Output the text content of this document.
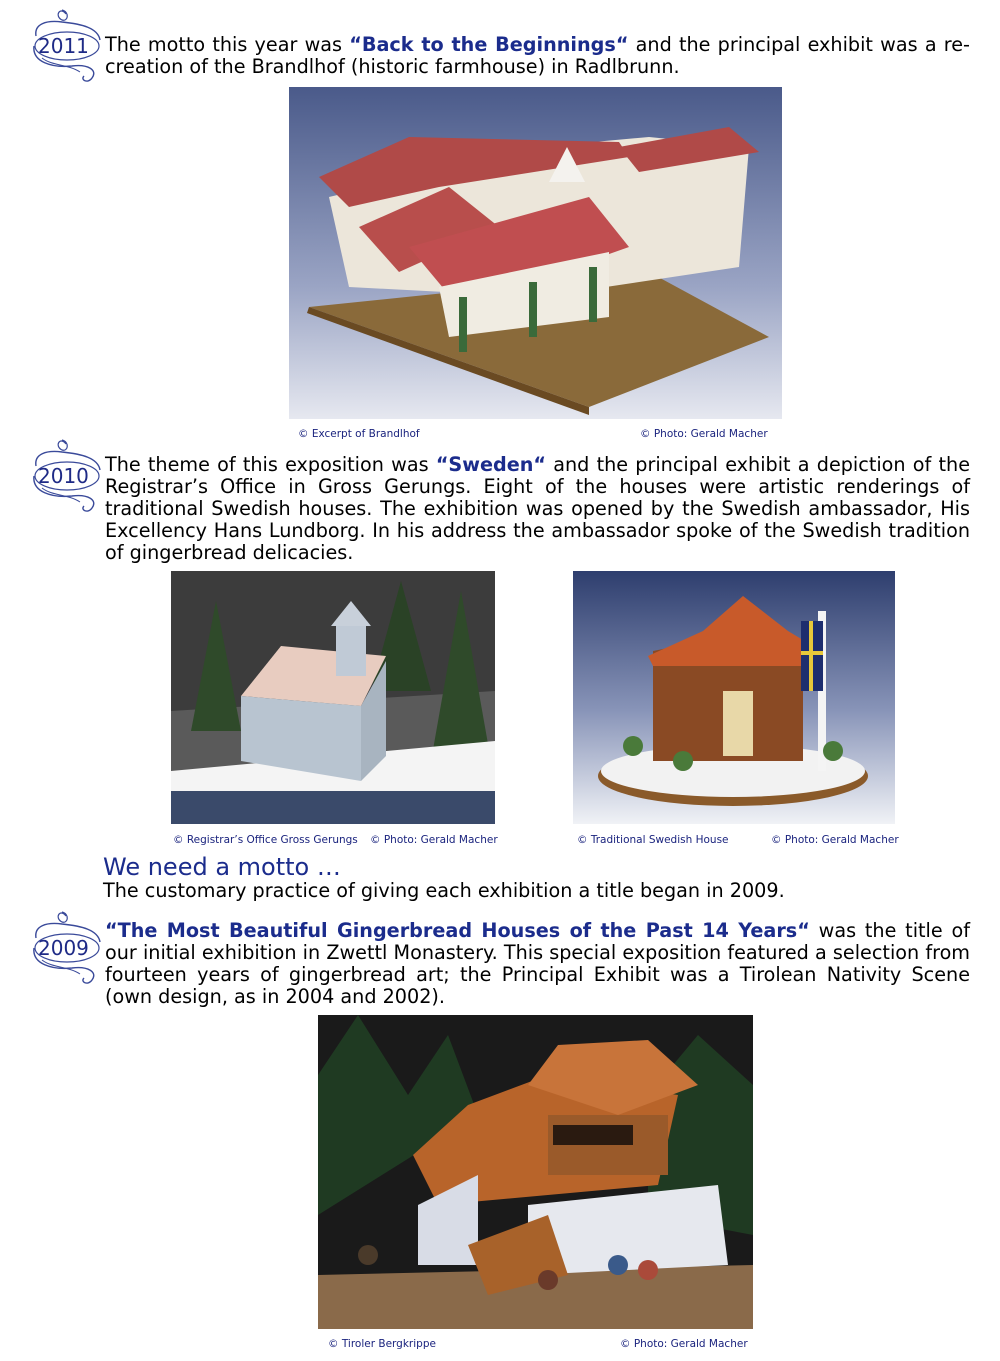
2011 The motto this year was “Back to the Beginnings“ and the principal exhibit was a re-creation of the Brandlhof (historic farmhouse) in Radlbrunn.
© Excerpt of Brandlhof	© Photo: Gerald Macher
2010 The theme of this exposition was “Sweden“ and the principal exhibit a depiction of the Registrar’s Office in Gross Gerungs. Eight of the houses were artistic renderings of traditional Swedish houses. The exhibition was opened by the Swedish ambassador, His Excellency Hans Lundborg. In his address the ambassador spoke of the Swedish tradition of gingerbread delicacies.
© Registrar’s Office Gross Gerungs © Photo: Gerald Macher	© Traditional Swedish House	© Photo: Gerald Macher
We need a motto …
The customary practice of giving each exhibition a title began in 2009.
2009
“The Most Beautiful Gingerbread Houses of the Past 14 Years“ was the title of our initial exhibition in Zwettl Monastery. This special exposition featured a selection from fourteen years of gingerbread art; the Principal Exhibit was a Tirolean Nativity Scene (own design, as in 2004 and 2002).
© Tiroler Bergkrippe	© Photo: Gerald Macher
